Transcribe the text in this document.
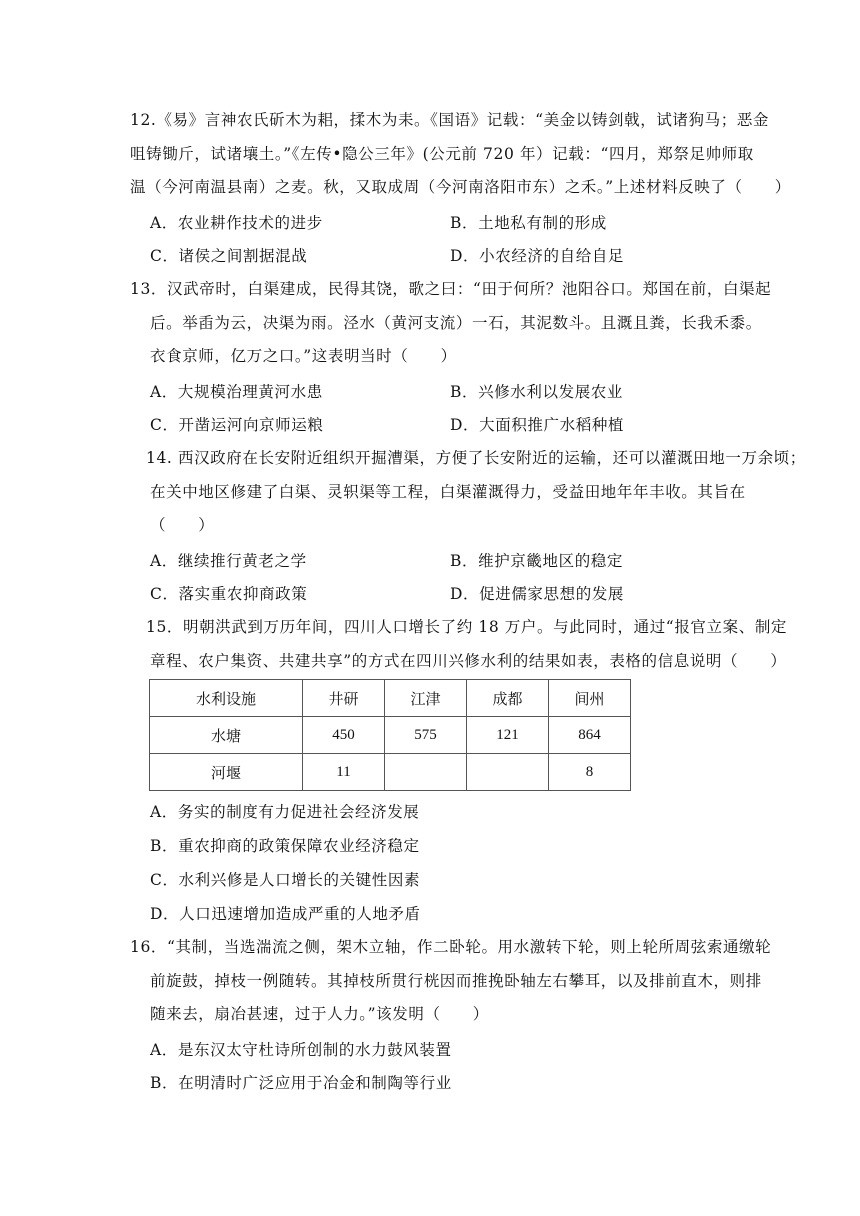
12.《易》言神农氏斫木为耜，揉木为耒。《国语》记载：“美金以铸剑戟，试诸狗马；恶金
咀铸锄斤，试诸壤土。”《左传•隐公三年》(公元前 720 年）记载：“四月，郑祭足帅师取
温（今河南温县南）之麦。秋，又取成周（今河南洛阳市东）之禾。”上述材料反映了（　　）
A．农业耕作技术的进步	B．土地私有制的形成
C．诸侯之间割据混战	D．小农经济的自给自足
13．汉武帝时，白渠建成，民得其饶，歌之曰：“田于何所？池阳谷口。郑国在前，白渠起
后。举臿为云，决渠为雨。泾水（黄河支流）一石，其泥数斗。且溉且粪，长我禾黍。
衣食京师，亿万之口。”这表明当时（　　）
A．大规模治理黄河水患	B．兴修水利以发展农业
C．开凿运河向京师运粮	D．大面积推广水稻种植
14. 西汉政府在长安附近组织开掘漕渠，方便了长安附近的运输，还可以灌溉田地一万余顷；
在关中地区修建了白渠、灵轵渠等工程，白渠灌溉得力，受益田地年年丰收。其旨在
（　　）
A．继续推行黄老之学	B．维护京畿地区的稳定
C．落实重农抑商政策	D．促进儒家思想的发展
15．明朝洪武到万历年间，四川人口增长了约 18 万户。与此同时，通过“报官立案、制定
章程、农户集资、共建共享”的方式在四川兴修水利的结果如表，表格的信息说明（　　）
水利设施	井研	江津	成都	间州
水塘	450	575	121	864
河堰	11			8
A．务实的制度有力促进社会经济发展
B．重农抑商的政策保障农业经济稳定
C．水利兴修是人口增长的关键性因素
D．人口迅速增加造成严重的人地矛盾
16．“其制，当选湍流之侧，架木立轴，作二卧轮。用水激转下轮，则上轮所周弦索通缴轮
前旋鼓，掉枝一例随转。其掉枝所贯行桄因而推挽卧轴左右攀耳，以及排前直木，则排
随来去，扇冶甚速，过于人力。”该发明（　　）
A．是东汉太守杜诗所创制的水力鼓风装置
B．在明清时广泛应用于冶金和制陶等行业
